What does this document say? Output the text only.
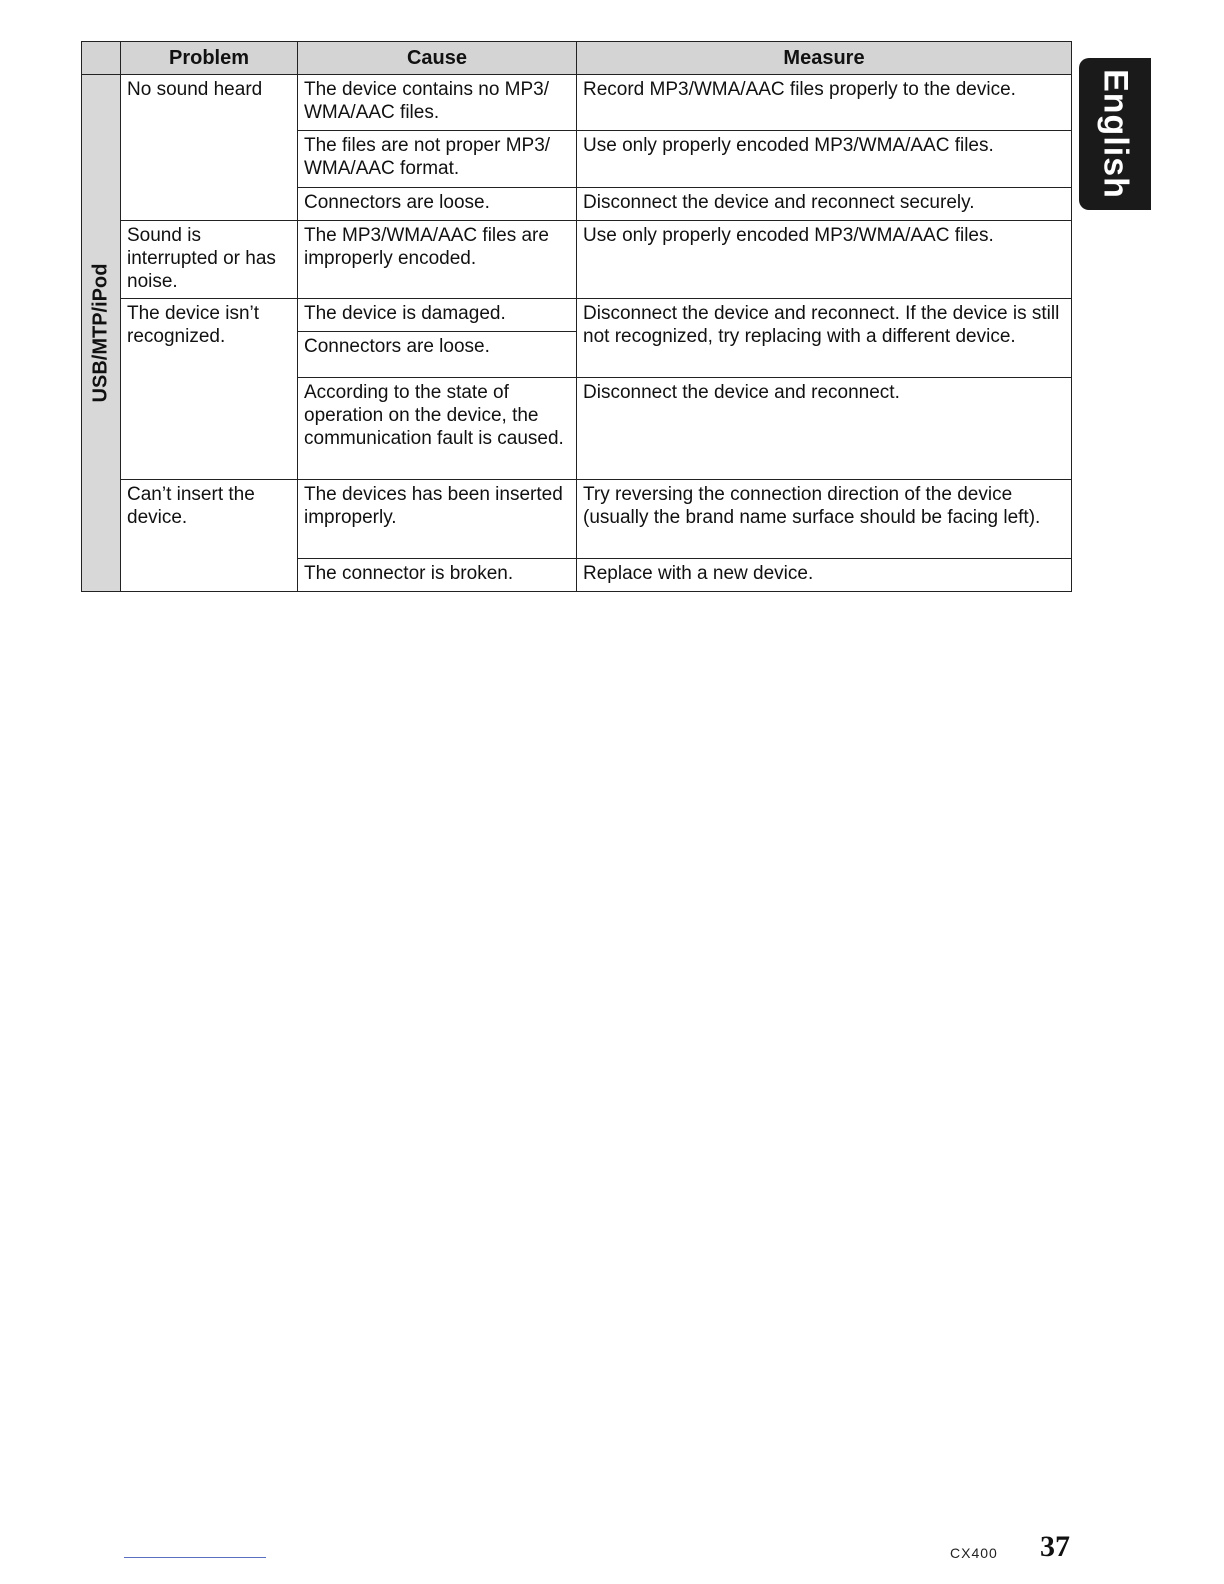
	Problem	Cause	Measure

USB/MTP/iPod	No sound heard	The device contains no MP3/ WMA/AAC files.	Record MP3/WMA/AAC files properly to the device.
		The files are not proper MP3/ WMA/AAC format.	Use only properly encoded MP3/WMA/AAC files.
		Connectors are loose.	Disconnect the device and reconnect securely.
	Sound is interrupted or has noise.	The MP3/WMA/AAC files are improperly encoded.	Use only properly encoded MP3/WMA/AAC files.
	The device isn’t recognized.	The device is damaged.	Disconnect the device and reconnect. If the device is still not recognized, try replacing with a different device.
		Connectors are loose.	
		According to the state of operation on the device, the communication fault is caused.	Disconnect the device and reconnect.
	Can’t insert the device.	The devices has been inserted improperly.	Try reversing the connection direction of the device (usually the brand name surface should be facing left).
		The connector is broken.	Replace with a new device.
English
CX400 37
